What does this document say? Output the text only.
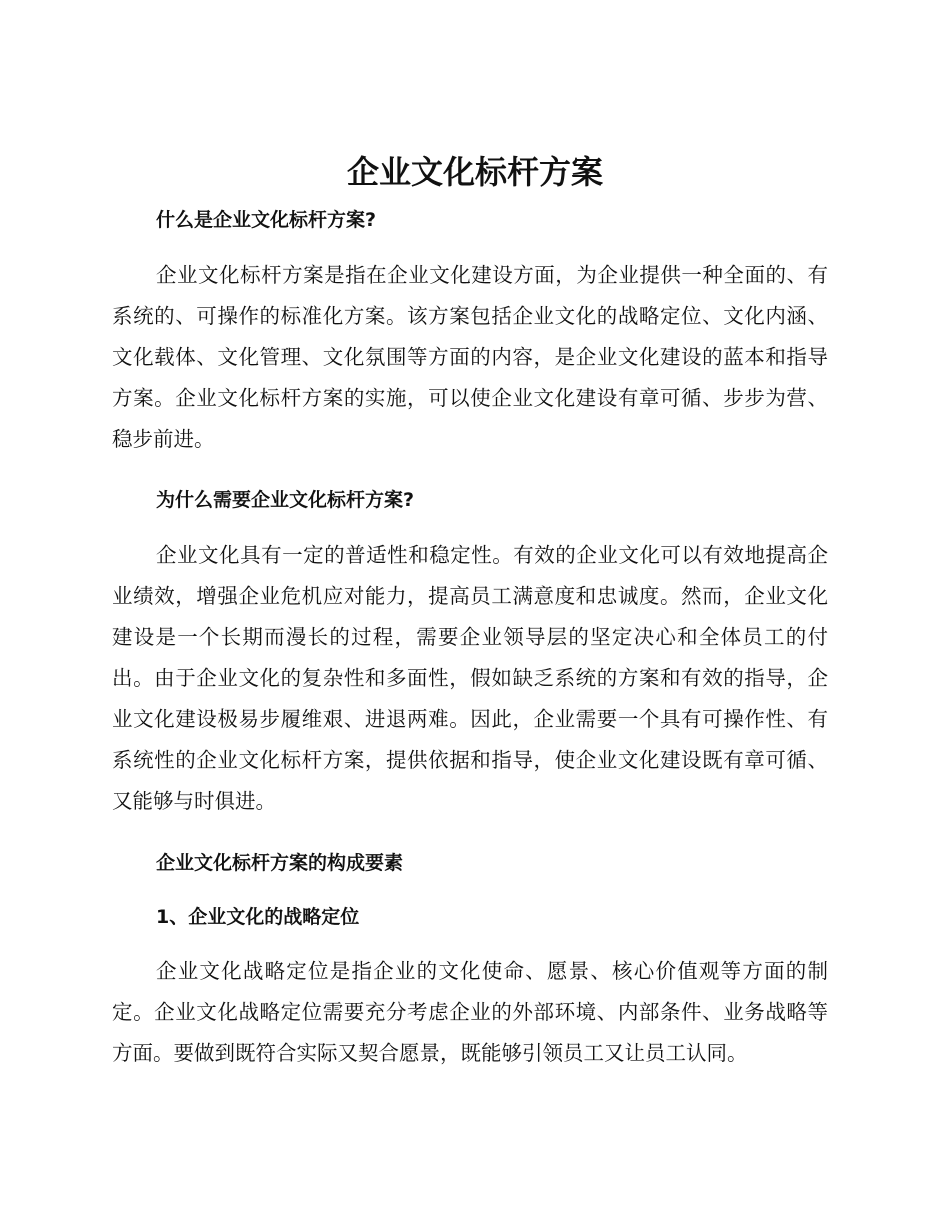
企业文化标杆方案
什么是企业文化标杆方案?
企业文化标杆方案是指在企业文化建设方面，为企业提供一种全面的、有系统的、可操作的标准化方案。该方案包括企业文化的战略定位、文化内涵、文化载体、文化管理、文化氛围等方面的内容，是企业文化建设的蓝本和指导方案。企业文化标杆方案的实施，可以使企业文化建设有章可循、步步为营、稳步前进。
为什么需要企业文化标杆方案?
企业文化具有一定的普适性和稳定性。有效的企业文化可以有效地提高企业绩效，增强企业危机应对能力，提高员工满意度和忠诚度。然而，企业文化建设是一个长期而漫长的过程，需要企业领导层的坚定决心和全体员工的付出。由于企业文化的复杂性和多面性，假如缺乏系统的方案和有效的指导，企业文化建设极易步履维艰、进退两难。因此，企业需要一个具有可操作性、有系统性的企业文化标杆方案，提供依据和指导，使企业文化建设既有章可循、又能够与时俱进。
企业文化标杆方案的构成要素
1、企业文化的战略定位
企业文化战略定位是指企业的文化使命、愿景、核心价值观等方面的制定。企业文化战略定位需要充分考虑企业的外部环境、内部条件、业务战略等方面。要做到既符合实际又契合愿景，既能够引领员工又让员工认同。
